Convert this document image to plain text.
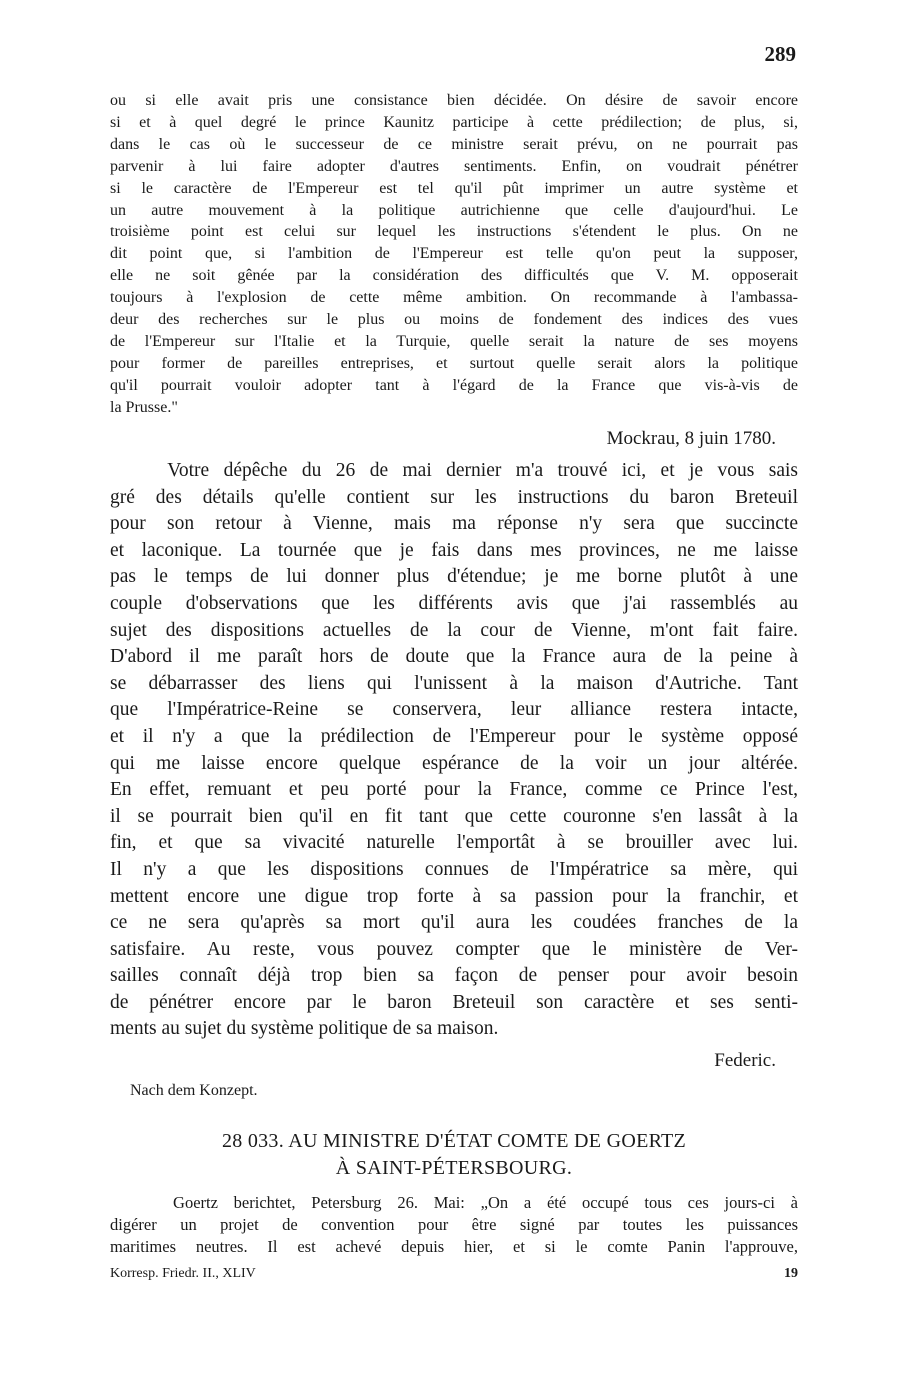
289
ou si elle avait pris une consistance bien décidée. On désire de savoir encore
si et à quel degré le prince Kaunitz participe à cette prédilection; de plus, si,
dans le cas où le successeur de ce ministre serait prévu, on ne pourrait pas
parvenir à lui faire adopter d'autres sentiments. Enfin, on voudrait pénétrer
si le caractère de l'Empereur est tel qu'il pût imprimer un autre système et
un autre mouvement à la politique autrichienne que celle d'aujourd'hui. Le
troisième point est celui sur lequel les instructions s'étendent le plus. On ne
dit point que, si l'ambition de l'Empereur est telle qu'on peut la supposer,
elle ne soit gênée par la considération des difficultés que V. M. opposerait
toujours à l'explosion de cette même ambition. On recommande à l'ambassa-
deur des recherches sur le plus ou moins de fondement des indices des vues
de l'Empereur sur l'Italie et la Turquie, quelle serait la nature de ses moyens
pour former de pareilles entreprises, et surtout quelle serait alors la politique
qu'il pourrait vouloir adopter tant à l'égard de la France que vis-à-vis de
la Prusse."
Mockrau, 8 juin 1780.
Votre dépêche du 26 de mai dernier m'a trouvé ici, et je vous sais
gré des détails qu'elle contient sur les instructions du baron Breteuil
pour son retour à Vienne, mais ma réponse n'y sera que succincte
et laconique. La tournée que je fais dans mes provinces, ne me laisse
pas le temps de lui donner plus d'étendue; je me borne plutôt à une
couple d'observations que les différents avis que j'ai rassemblés au
sujet des dispositions actuelles de la cour de Vienne, m'ont fait faire.
D'abord il me paraît hors de doute que la France aura de la peine à
se débarrasser des liens qui l'unissent à la maison d'Autriche. Tant
que l'Impératrice-Reine se conservera, leur alliance restera intacte,
et il n'y a que la prédilection de l'Empereur pour le système opposé
qui me laisse encore quelque espérance de la voir un jour altérée.
En effet, remuant et peu porté pour la France, comme ce Prince l'est,
il se pourrait bien qu'il en fit tant que cette couronne s'en lassât à la
fin, et que sa vivacité naturelle l'emportât à se brouiller avec lui.
Il n'y a que les dispositions connues de l'Impératrice sa mère, qui
mettent encore une digue trop forte à sa passion pour la franchir, et
ce ne sera qu'après sa mort qu'il aura les coudées franches de la
satisfaire. Au reste, vous pouvez compter que le ministère de Ver-
sailles connaît déjà trop bien sa façon de penser pour avoir besoin
de pénétrer encore par le baron Breteuil son caractère et ses senti-
ments au sujet du système politique de sa maison.
Federic.
Nach dem Konzept.
28 033. AU MINISTRE D'ÉTAT COMTE DE GOERTZ
À SAINT-PÉTERSBOURG.
Goertz berichtet, Petersburg 26. Mai: „On a été occupé tous ces jours-ci à
digérer un projet de convention pour être signé par toutes les puissances
maritimes neutres. Il est achevé depuis hier, et si le comte Panin l'approuve,
Korresp. Friedr. II., XLIV	19
